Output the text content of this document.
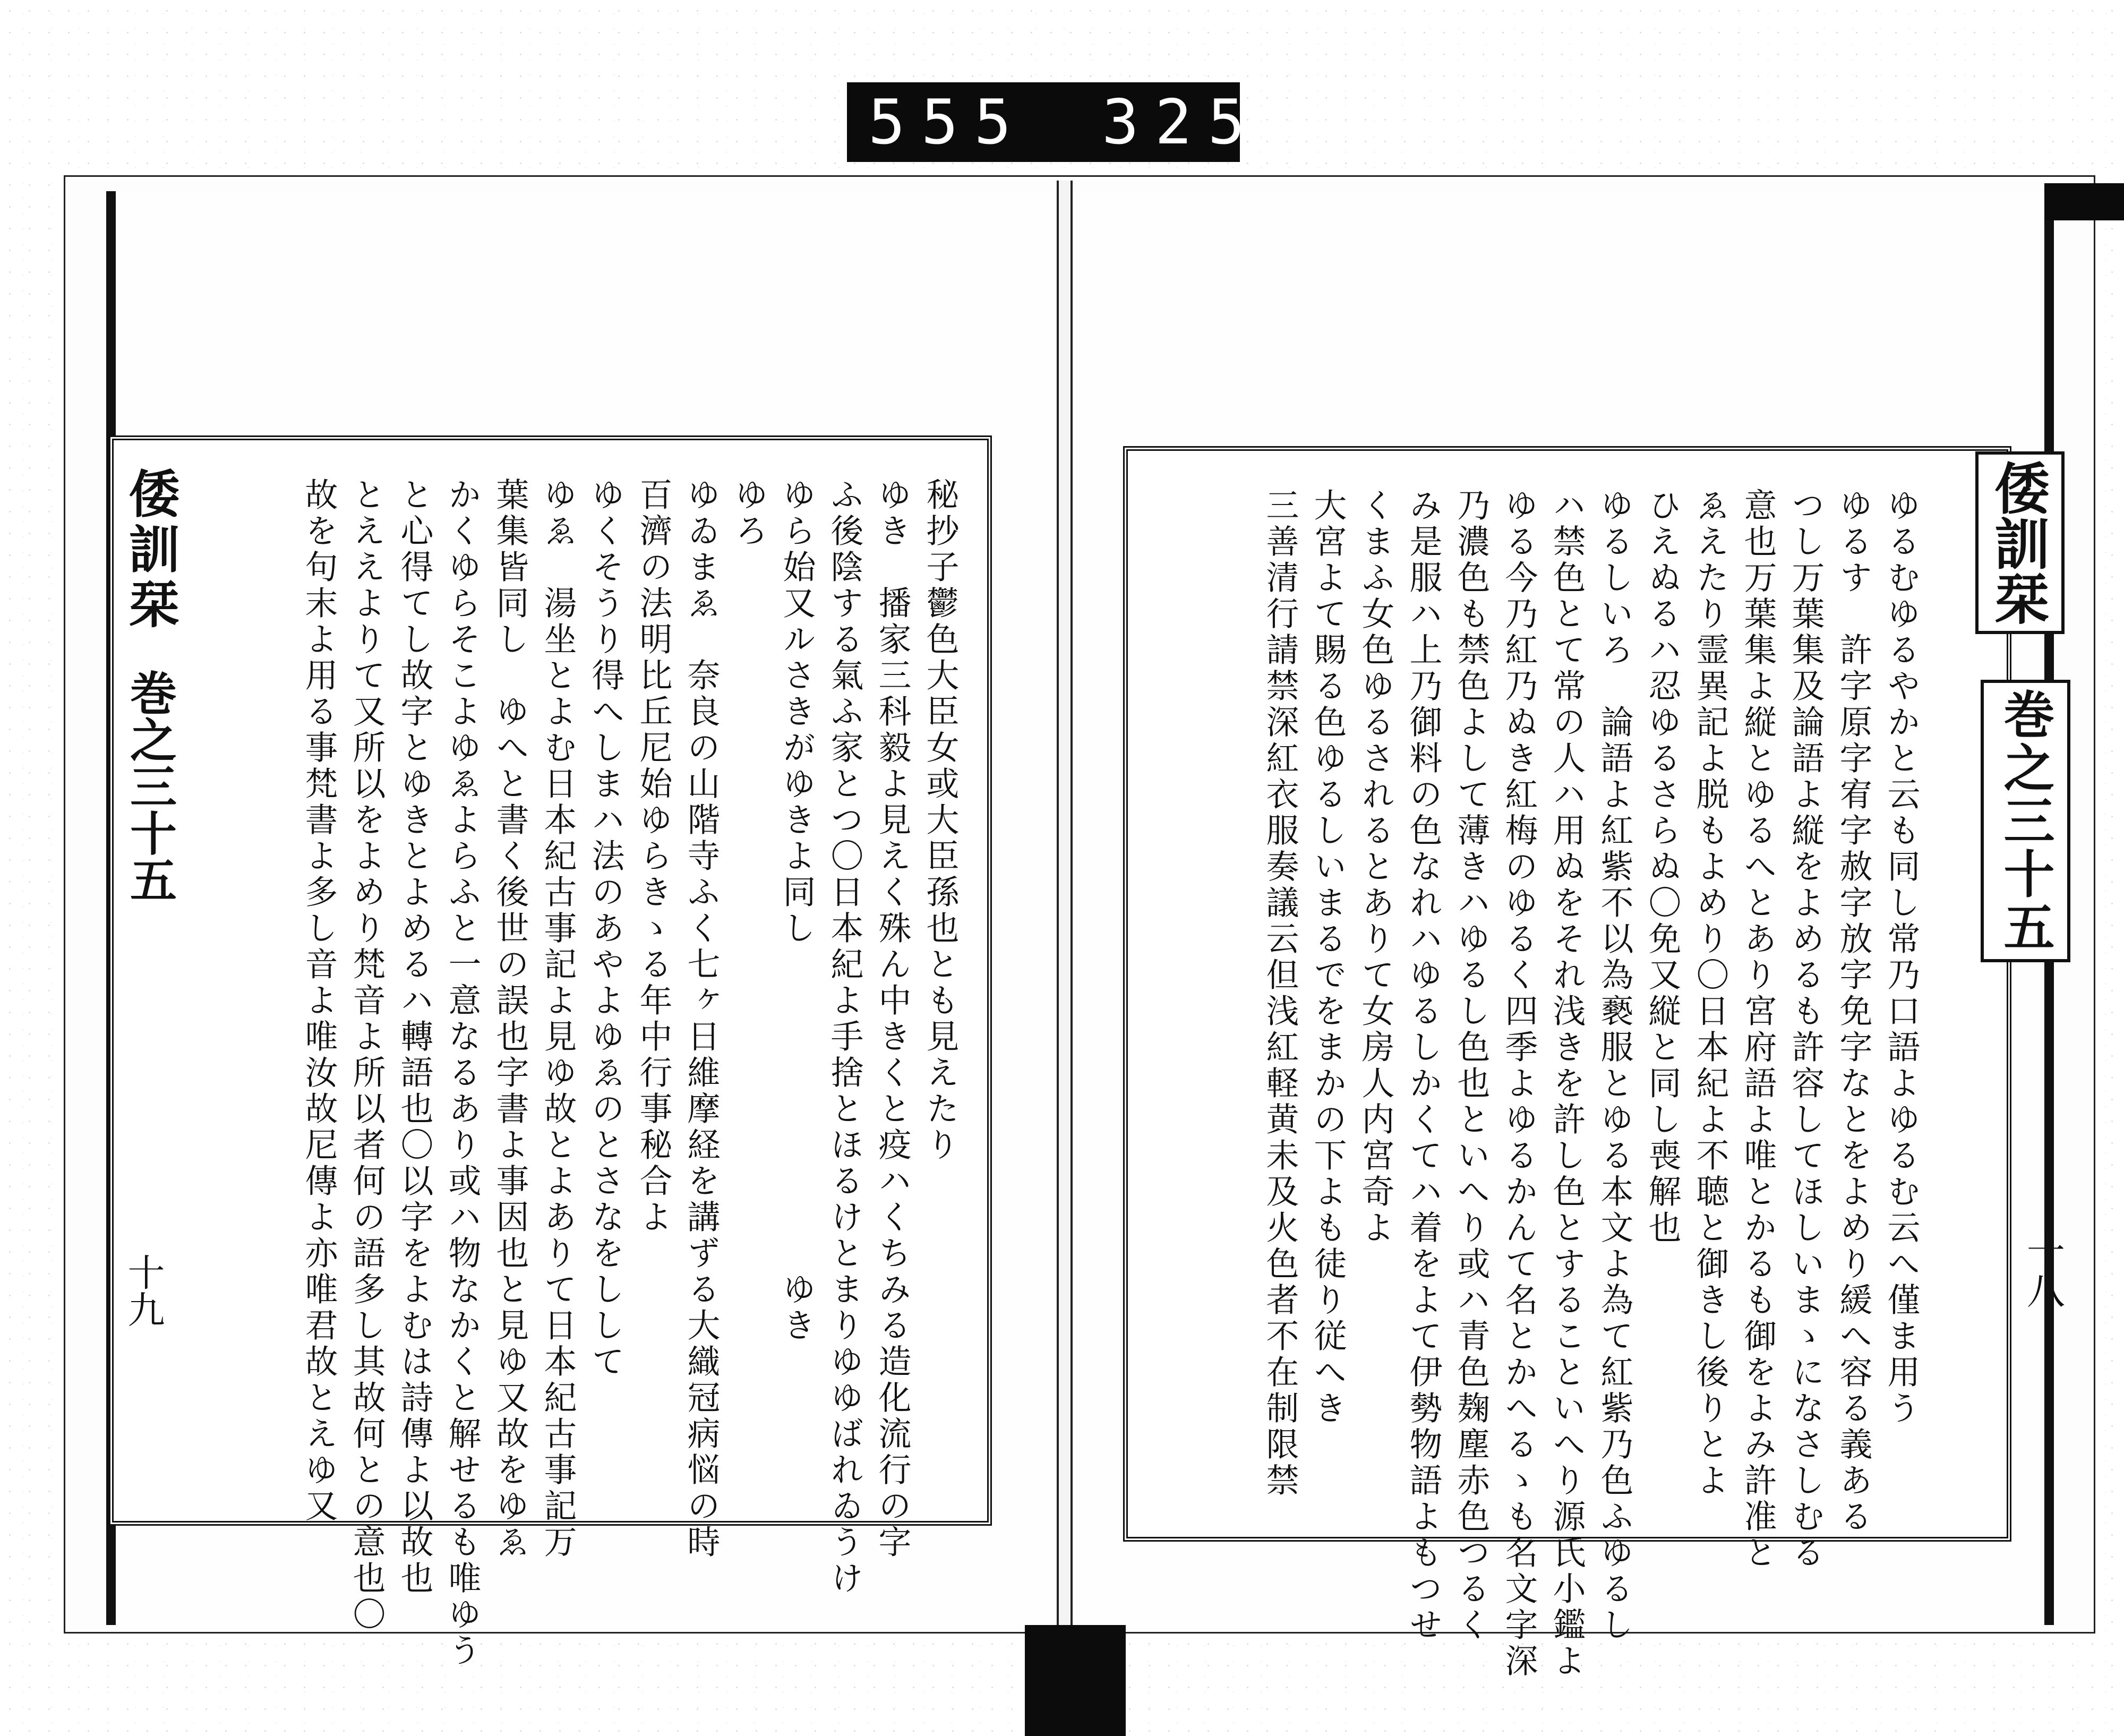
555 325.
秘抄子鬱色大臣女或大臣孫也とも見えたり
ゆき　播家三科毅よ見えく殊ん中きくと疫ハくちみる造化流行の字
ふ後陰する氣ふ家とつ〇日本紀よ手捨とほるけとまりゆゆばれゐうけ
ゆら始又ルさきがゆきよ同し　　　　　　　　　ゆき
ゆろ
ゆゐまゑ　奈良の山階寺ふく七ヶ日維摩経を講ずる大織冠病悩の時
百濟の法明比丘尼始ゆらきゝる年中行事秘合よ
ゆくそうり得へしまハ法のあやよゆゑのとさなをしして
ゆゑ　湯坐とよむ日本紀古事記よ見ゆ故とよありて日本紀古事記万
葉集皆同し　ゆへと書く後世の誤也字書よ事因也と見ゆ又故をゆゑ
かくゆらそこよゆゑよらふと一意なるあり或ハ物なかくと解せるも唯ゆう
と心得てし故字とゆきとよめるハ轉語也〇以字をよむは詩傳よ以故也
とええよりて又所以をよめり梵音よ所以者何の語多し其故何との意也〇
故を句末よ用る事梵書よ多し音よ唯汝故尼傳よ亦唯君故とえゆ又
倭訓栞
巻之三十五
十九	ゆるむゆるやかと云も同し常乃口語よゆるむ云へ僅ま用う
ゆるす　許字原字宥字赦字放字免字なとをよめり緩へ容る義ある
つし万葉集及論語よ縦をよめるも許容してほしいまゝになさしむる
意也万葉集よ縦とゆるへとあり宮府語よ唯とかるも御をよみ許准と
ゑえたり霊異記よ脱もよめり〇日本紀よ不聴と御きし後りとよ
ひえぬるハ忍ゆるさらぬ〇免又縦と同し喪解也
ゆるしいろ　論語よ紅紫不以為褻服とゆる本文よ為て紅紫乃色ふゆるし
ハ禁色とて常の人ハ用ぬをそれ浅きを許し色とすることいへり源氏小鑑よ
ゆる今乃紅乃ぬき紅梅のゆるく四季よゆるかんて名とかへるゝも名文字深
乃濃色も禁色よして薄きハゆるし色也といへり或ハ青色麹塵赤色つるく
み是服ハ上乃御料の色なれハゆるしかくてハ着をよて伊勢物語よもつせ
くまふ女色ゆるされるとありて女房人内宮奇よ
大宮よて賜る色ゆるしいまるでをまかの下よも徒り従へき
三善清行請禁深紅衣服奏議云但浅紅軽黄未及火色者不在制限禁	倭訓栞
巻之三十五
十八
